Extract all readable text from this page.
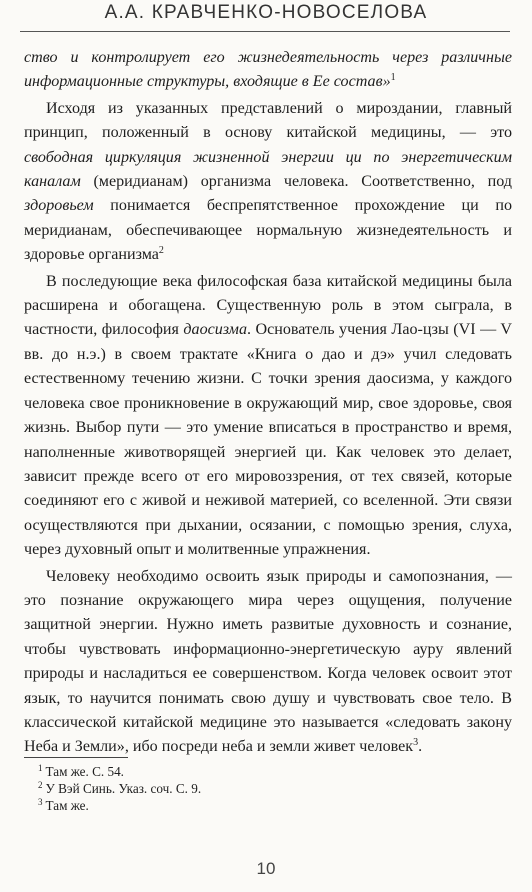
А.А. КРАВЧЕНКО-НОВОСЕЛОВА

ство и контролирует его жизнедеятельность через различные информационные структуры, входящие в Ее состав»$^1$

Исходя из указанных представлений о мироздании, главный принцип, положенный в основу китайской медицины, — это свободная циркуляция жизненной энергии ци по энергетическим каналам (меридианам) организма человека. Соответственно, под здоровьем понимается беспрепятственное прохождение ци по меридианам, обеспечивающее нормальную жизнедеятельность и здоровье организма$^2$

В последующие века философская база китайской медицины была расширена и обогащена. Существенную роль в этом сыграла, в частности, философия даосизма. Основатель учения Лао-цзы (VI — V вв. до н.э.) в своем трактате «Книга о дао и дэ» учил следовать естественному течению жизни. С точки зрения даосизма, у каждого человека свое проникновение в окружающий мир, свое здоровье, своя жизнь. Выбор пути — это умение вписаться в пространство и время, наполненные животворящей энергией ци. Как человек это делает, зависит прежде всего от его мировоззрения, от тех связей, которые соединяют его с живой и неживой материей, со вселенной. Эти связи осуществляются при дыхании, осязании, с помощью зрения, слуха, через духовный опыт и молитвенные упражнения.

Человеку необходимо освоить язык природы и самопознания, — это познание окружающего мира через ощущения, получение защитной энергии. Нужно иметь развитые духовность и сознание, чтобы чувствовать информационно-энергетическую ауру явлений природы и насладиться ее совершенством. Когда человек освоит этот язык, то научится понимать свою душу и чувствовать свое тело. В классической китайской медицине это называется «следовать закону Неба и Земли», ибо посреди неба и земли живет человек$^3$.

$^1$ Там же. С. 54.
$^2$ У Вэй Синь. Указ. соч. С. 9.
$^3$ Там же.
10
